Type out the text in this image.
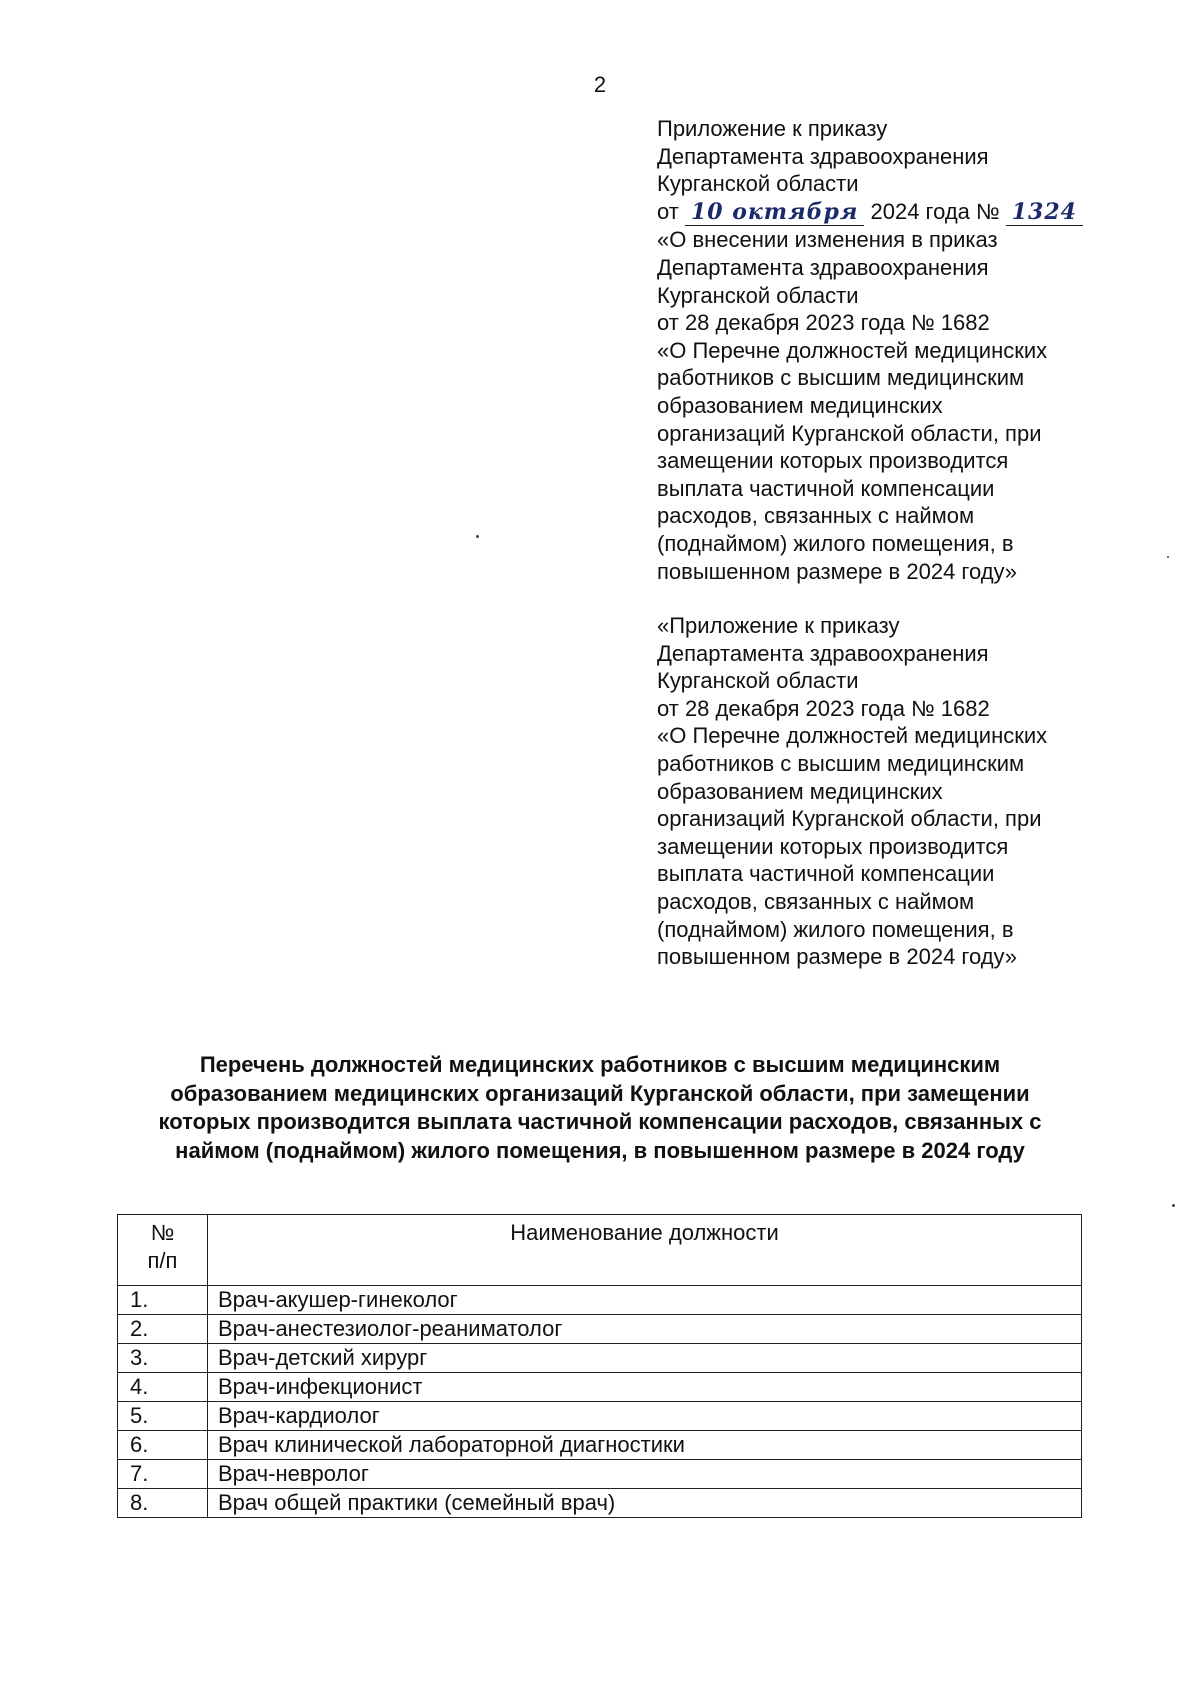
2
Приложение к приказу
Департамента здравоохранения
Курганской области
от 10 октября 2024 года № 1324
«О внесении изменения в приказ
Департамента здравоохранения
Курганской области
от 28 декабря 2023 года № 1682
«О Перечне должностей медицинских
работников с высшим медицинским
образованием медицинских
организаций Курганской области, при
замещении которых производится
выплата частичной компенсации
расходов, связанных с наймом
(поднаймом) жилого помещения, в
повышенном размере в 2024 году»
«Приложение к приказу
Департамента здравоохранения
Курганской области
от 28 декабря 2023 года № 1682
«О Перечне должностей медицинских
работников с высшим медицинским
образованием медицинских
организаций Курганской области, при
замещении которых производится
выплата частичной компенсации
расходов, связанных с наймом
(поднаймом) жилого помещения, в
повышенном размере в 2024 году»
Перечень должностей медицинских работников с высшим медицинским
образованием медицинских организаций Курганской области, при замещении
которых производится выплата частичной компенсации расходов, связанных с
наймом (поднаймом) жилого помещения, в повышенном размере в 2024 году
№
п/п	Наименование должности
1.	Врач-акушер-гинеколог
2.	Врач-анестезиолог-реаниматолог
3.	Врач-детский хирург
4.	Врач-инфекционист
5.	Врач-кардиолог
6.	Врач клинической лабораторной диагностики
7.	Врач-невролог
8.	Врач общей практики (семейный врач)
